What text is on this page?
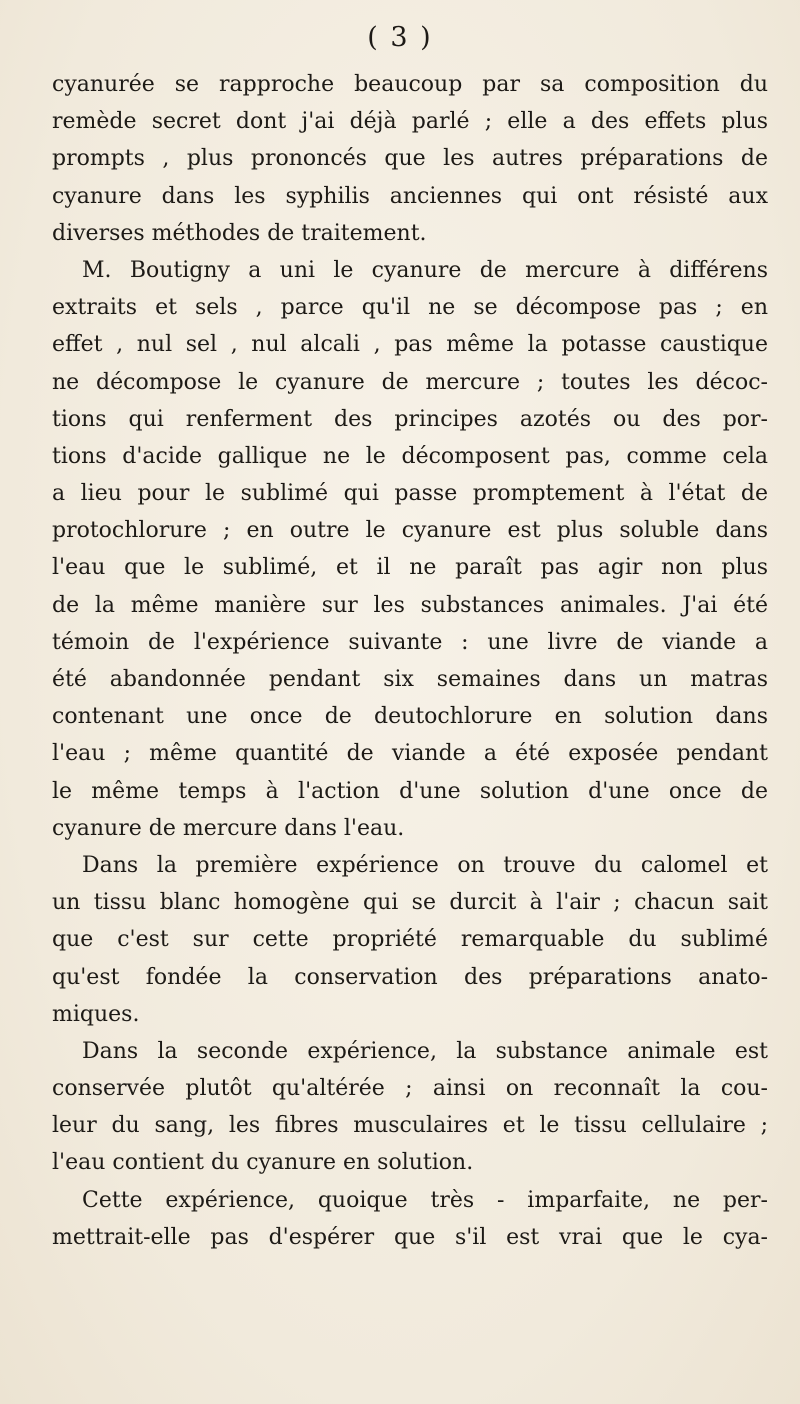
( 3 )
cyanurée se rapproche beaucoup par sa composition du
remède secret dont j'ai déjà parlé ; elle a des effets plus
prompts , plus prononcés que les autres préparations de
cyanure dans les syphilis anciennes qui ont résisté aux
diverses méthodes de traitement.
M. Boutigny a uni le cyanure de mercure à différens
extraits et sels , parce qu'il ne se décompose pas ; en
effet , nul sel , nul alcali , pas même la potasse caustique
ne décompose le cyanure de mercure ; toutes les décoc-
tions qui renferment des principes azotés ou des por-
tions d'acide gallique ne le décomposent pas, comme cela
a lieu pour le sublimé qui passe promptement à l'état de
protochlorure ; en outre le cyanure est plus soluble dans
l'eau que le sublimé, et il ne paraît pas agir non plus
de la même manière sur les substances animales. J'ai été
témoin de l'expérience suivante : une livre de viande a
été abandonnée pendant six semaines dans un matras
contenant une once de deutochlorure en solution dans
l'eau ; même quantité de viande a été exposée pendant
le même temps à l'action d'une solution d'une once de
cyanure de mercure dans l'eau.
Dans la première expérience on trouve du calomel et
un tissu blanc homogène qui se durcit à l'air ; chacun sait
que c'est sur cette propriété remarquable du sublimé
qu'est fondée la conservation des préparations anato-
miques.
Dans la seconde expérience, la substance animale est
conservée plutôt qu'altérée ; ainsi on reconnaît la cou-
leur du sang, les fibres musculaires et le tissu cellulaire ;
l'eau contient du cyanure en solution.
Cette expérience, quoique très - imparfaite, ne per-
mettrait-elle pas d'espérer que s'il est vrai que le cya-
